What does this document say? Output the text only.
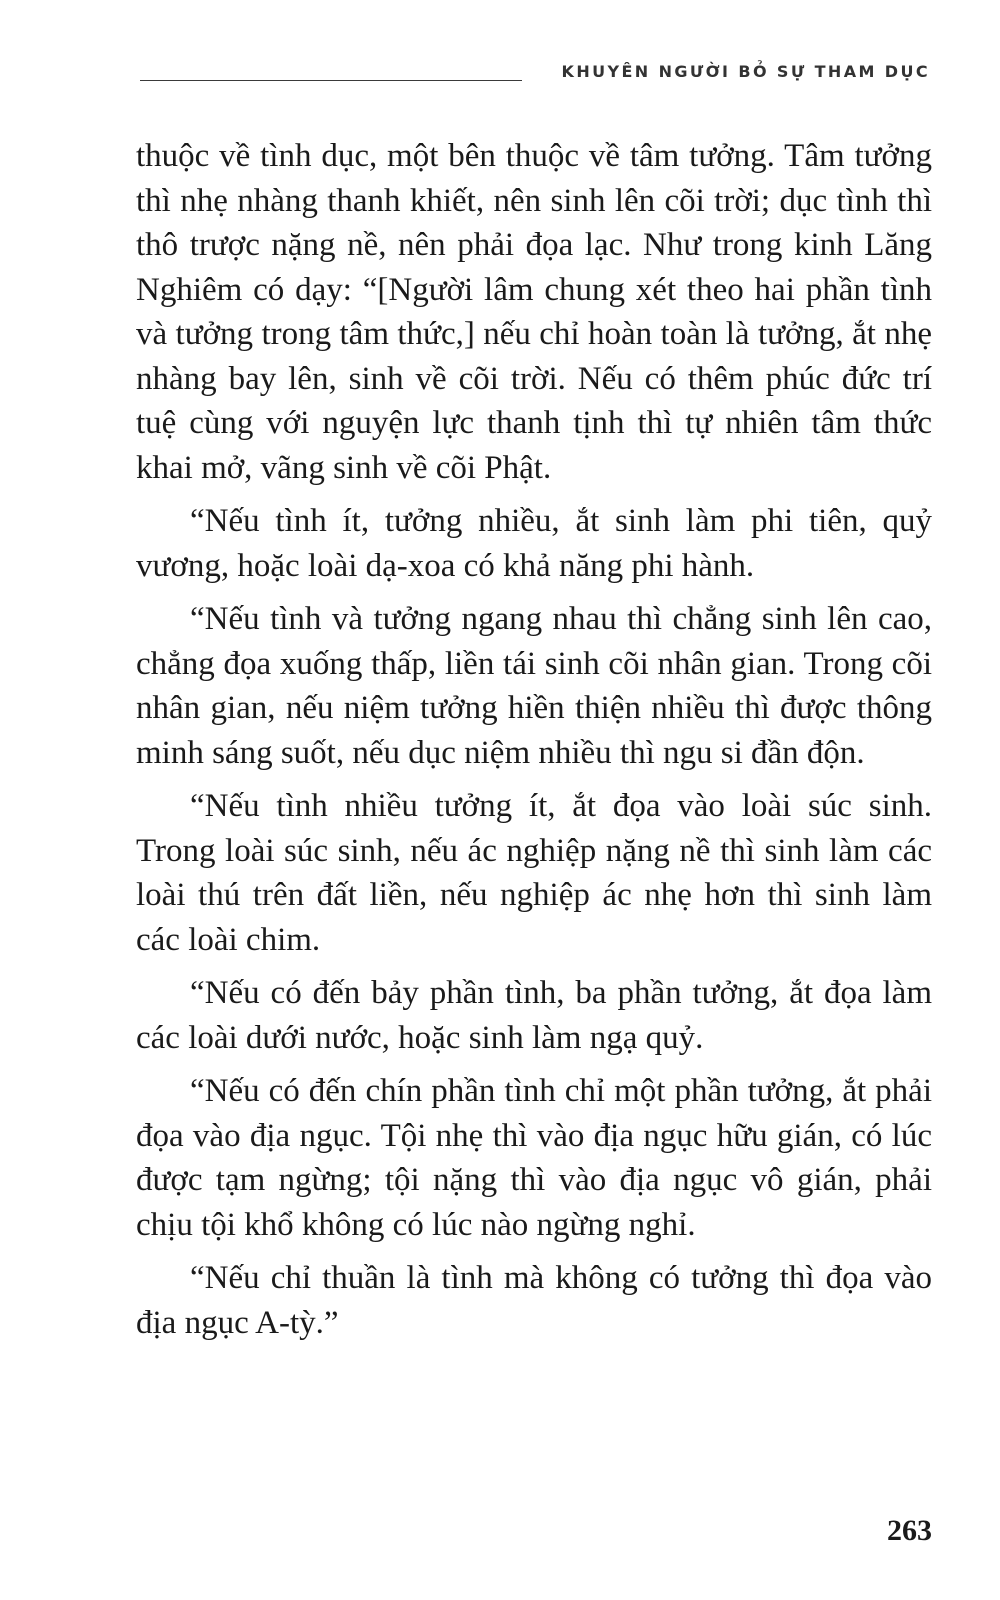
KHUYÊN NGƯỜI BỎ SỰ THAM DỤC

thuộc về tình dục, một bên thuộc về tâm tưởng. Tâm tưởng thì nhẹ nhàng thanh khiết, nên sinh lên cõi trời; dục tình thì thô trược nặng nề, nên phải đọa lạc. Như trong kinh Lăng Nghiêm có dạy: “[Người lâm chung xét theo hai phần tình và tưởng trong tâm thức,] nếu chỉ hoàn toàn là tưởng, ắt nhẹ nhàng bay lên, sinh về cõi trời. Nếu có thêm phúc đức trí tuệ cùng với nguyện lực thanh tịnh thì tự nhiên tâm thức khai mở, vãng sinh về cõi Phật.

“Nếu tình ít, tưởng nhiều, ắt sinh làm phi tiên, quỷ vương, hoặc loài dạ-xoa có khả năng phi hành.

“Nếu tình và tưởng ngang nhau thì chẳng sinh lên cao, chẳng đọa xuống thấp, liền tái sinh cõi nhân gian. Trong cõi nhân gian, nếu niệm tưởng hiền thiện nhiều thì được thông minh sáng suốt, nếu dục niệm nhiều thì ngu si đần độn.

“Nếu tình nhiều tưởng ít, ắt đọa vào loài súc sinh. Trong loài súc sinh, nếu ác nghiệp nặng nề thì sinh làm các loài thú trên đất liền, nếu nghiệp ác nhẹ hơn thì sinh làm các loài chim.

“Nếu có đến bảy phần tình, ba phần tưởng, ắt đọa làm các loài dưới nước, hoặc sinh làm ngạ quỷ.

“Nếu có đến chín phần tình chỉ một phần tưởng, ắt phải đọa vào địa ngục. Tội nhẹ thì vào địa ngục hữu gián, có lúc được tạm ngừng; tội nặng thì vào địa ngục vô gián, phải chịu tội khổ không có lúc nào ngừng nghỉ.

“Nếu chỉ thuần là tình mà không có tưởng thì đọa vào địa ngục A-tỳ.”

263
